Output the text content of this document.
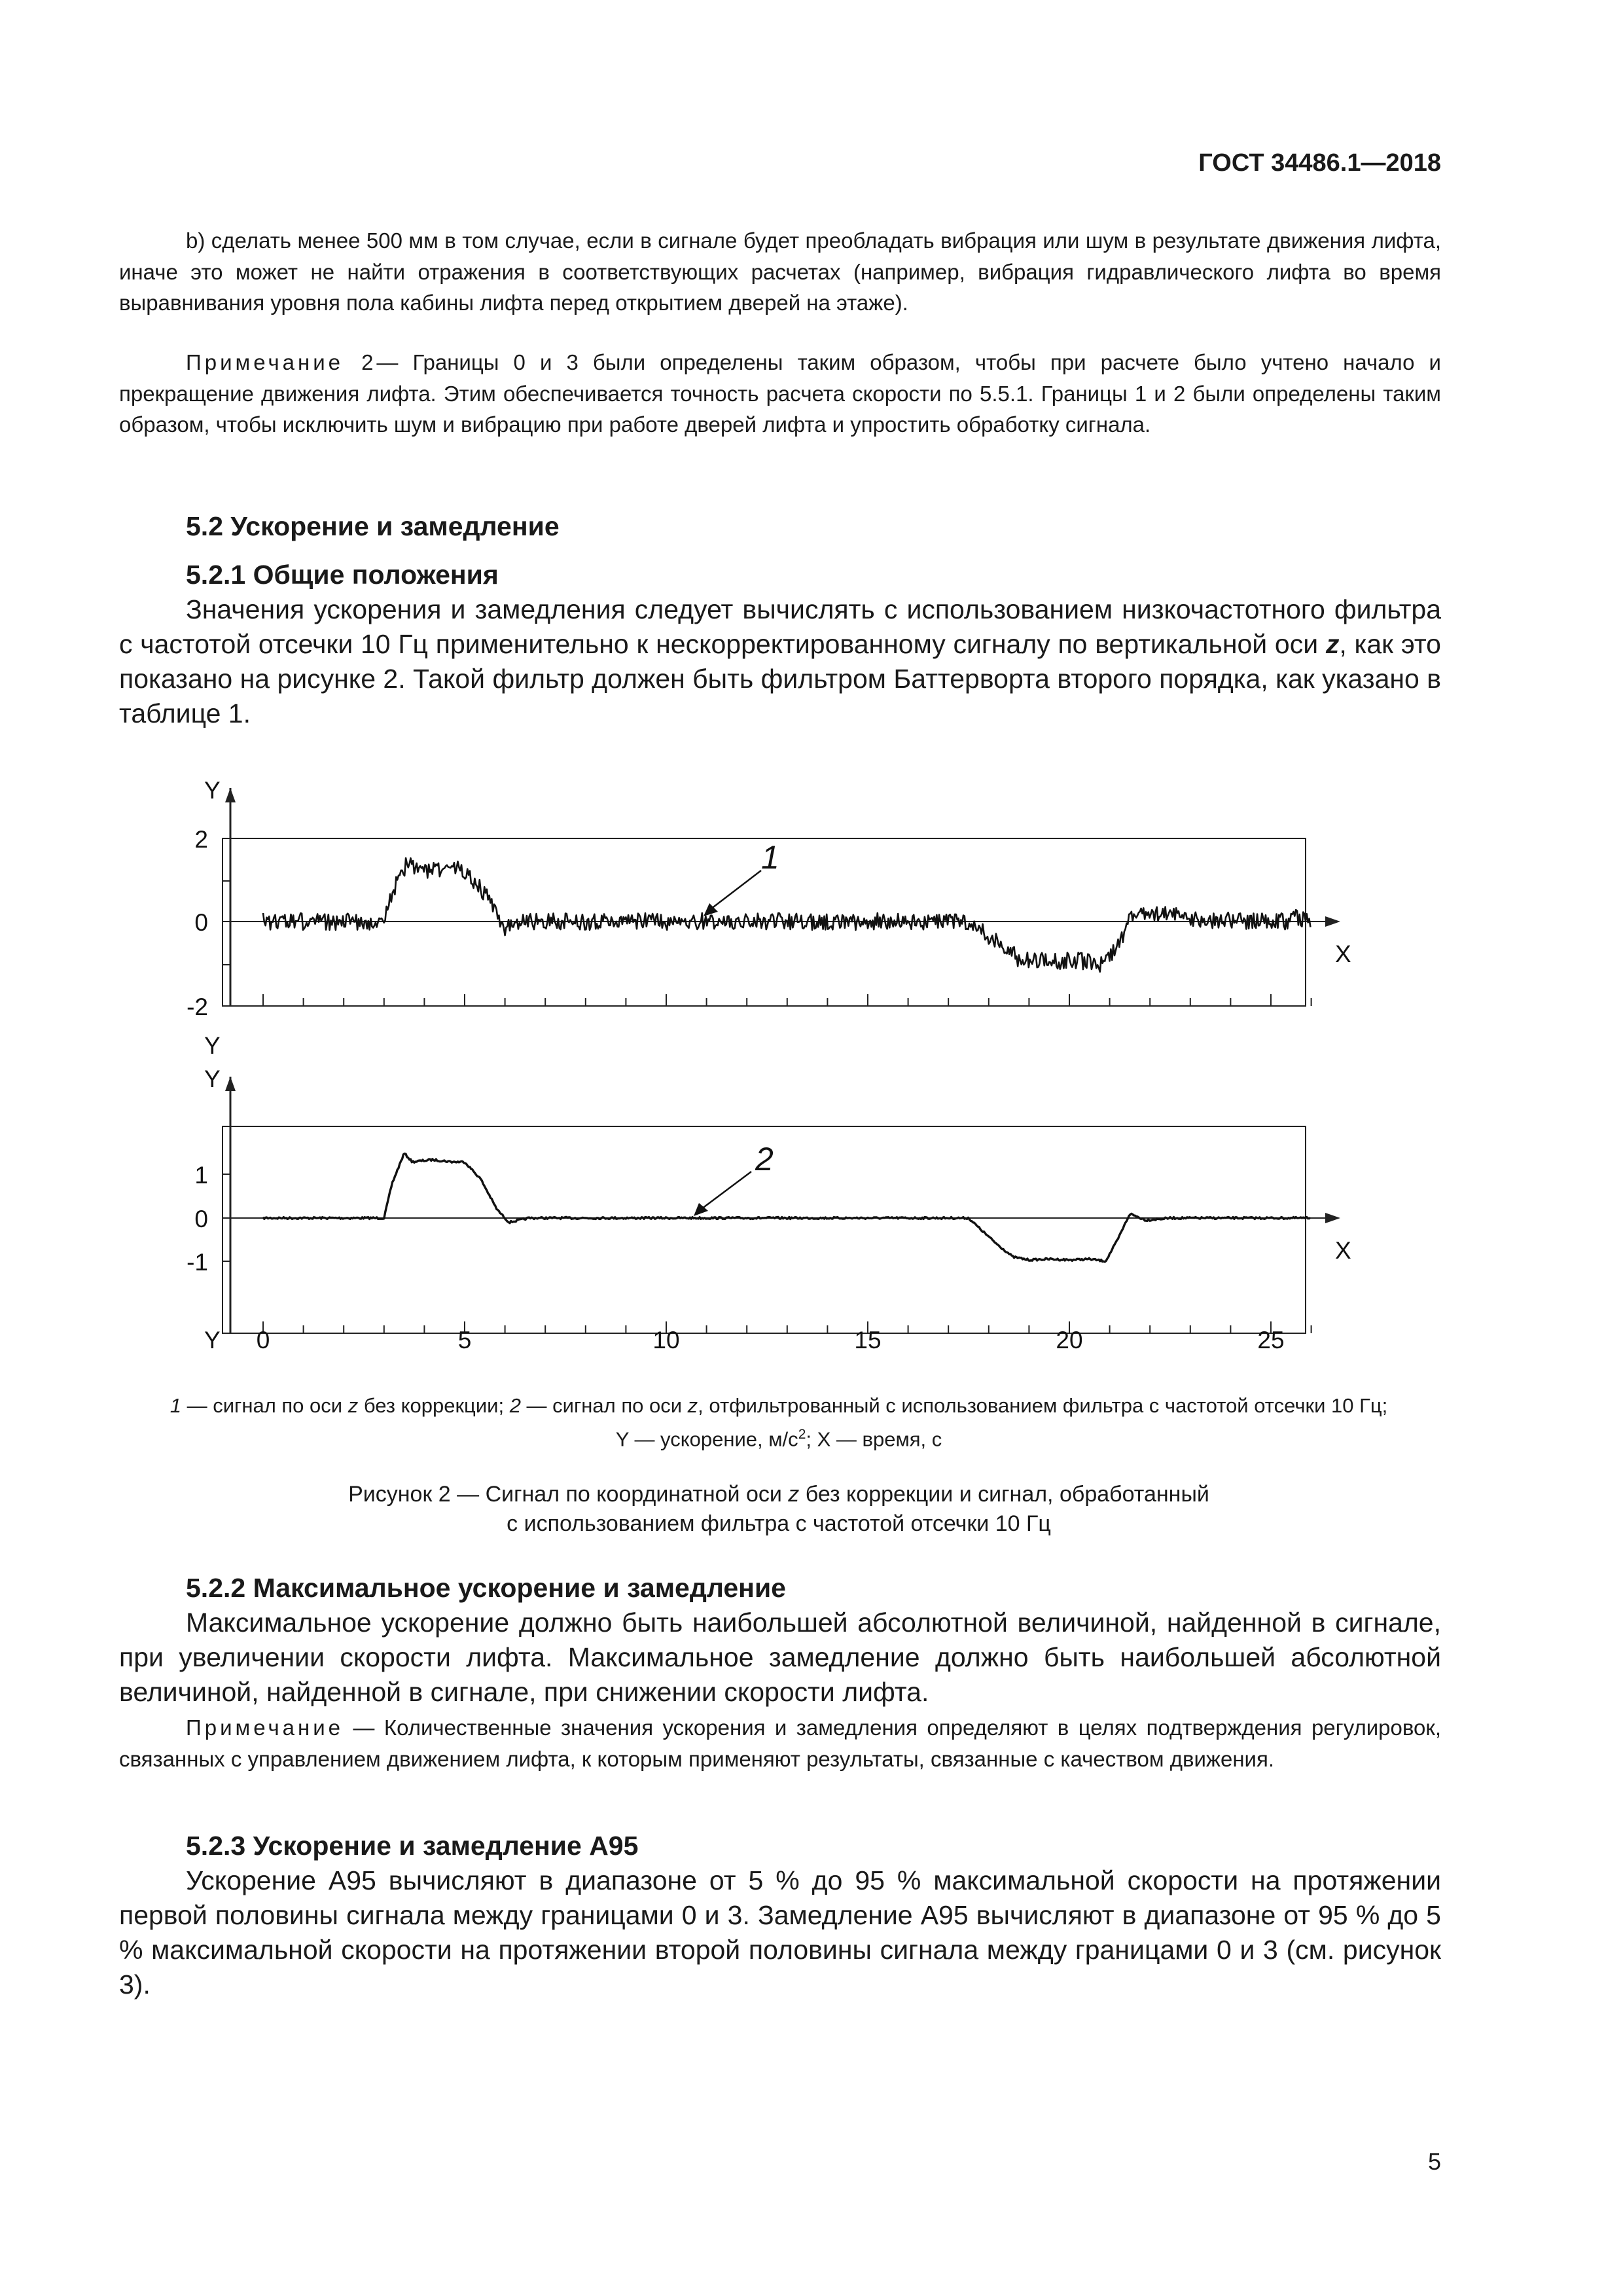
ГОСТ 34486.1—2018
b) сделать менее 500 мм в том случае, если в сигнале будет преобладать вибрация или шум в результате движения лифта, иначе это может не найти отражения в соответствующих расчетах (например, вибрация гидравлического лифта во время выравнивания уровня пола кабины лифта перед открытием дверей на этаже).
Примечание 2— Границы 0 и 3 были определены таким образом, чтобы при расчете было учтено начало и прекращение движения лифта. Этим обеспечивается точность расчета скорости по 5.5.1. Границы 1 и 2 были определены таким образом, чтобы исключить шум и вибрацию при работе дверей лифта и упростить обработку сигнала.
5.2 Ускорение и замедление
5.2.1 Общие положения
Значения ускорения и замедления следует вычислять с использованием низкочастотного фильтра с частотой отсечки 10 Гц применительно к нескорректированному сигналу по вертикальной оси z, как это показано на рисунке 2. Такой фильтр должен быть фильтром Баттерворта второго порядка, как указано в таблице 1.
Y
X
2
0
-2
1
Y
Y
X
1
0
-1
2
Y 0	5	10	15	20	25
1 — сигнал по оси z без коррекции; 2 — сигнал по оси z, отфильтрованный с использованием фильтра с частотой отсечки 10 Гц;
Y — ускорение, $м/с^2$; X — время, с
Рисунок 2 — Сигнал по координатной оси z без коррекции и сигнал, обработанный
с использованием фильтра с частотой отсечки 10 Гц
5.2.2 Максимальное ускорение и замедление
Максимальное ускорение должно быть наибольшей абсолютной величиной, найденной в сигнале, при увеличении скорости лифта. Максимальное замедление должно быть наибольшей абсолютной величиной, найденной в сигнале, при снижении скорости лифта.
Примечание — Количественные значения ускорения и замедления определяют в целях подтверждения регулировок, связанных с управлением движением лифта, к которым применяют результаты, связанные с качеством движения.
5.2.3 Ускорение и замедление А95
Ускорение А95 вычисляют в диапазоне от 5 % до 95 % максимальной скорости на протяжении первой половины сигнала между границами 0 и 3. Замедление А95 вычисляют в диапазоне от 95 % до 5 % максимальной скорости на протяжении второй половины сигнала между границами 0 и 3 (см. рисунок 3).
5
